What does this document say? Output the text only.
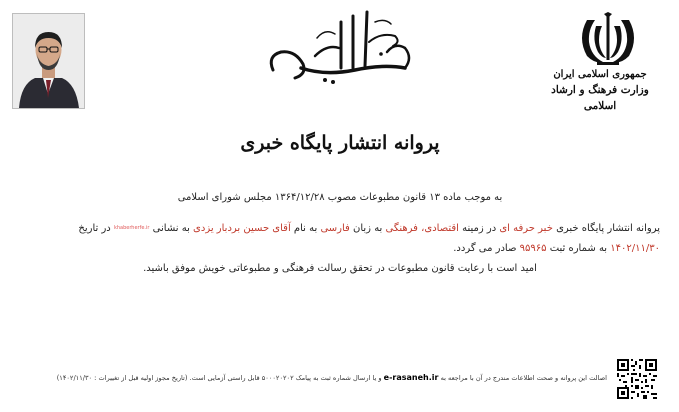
جمهوری اسلامی ایران
وزارت فرهنگ و ارشاد اسلامی
پروانه انتشار پایگاه خبری
به موجب ماده ۱۳ قانون مطبوعات مصوب ۱۳۶۴/۱۲/۲۸ مجلس شورای اسلامی
پروانه انتشار پایگاه خبری خبر حرفه ای در زمینه اقتصادی، فرهنگی به زبان فارسی به نام آقای حسین بردبار یزدی به نشانی khaberherfe.ir در تاریخ
۱۴۰۲/۱۱/۳۰ به شماره ثبت ۹۵۹۶۵ صادر می گردد.
امید است با رعایت قانون مطبوعات در تحقق رسالت فرهنگی و مطبوعاتی خویش موفق باشید.
اصالت این پروانه و صحت اطلاعات مندرج در آن با مراجعه به e-rasaneh.ir و یا ارسال شماره ثبت به پیامک ۵۰۰۰۲۰۲۰۲ قابل راستی آزمایی است. (تاریخ مجوز اولیه قبل از تغییرات : ۱۴۰۲/۱۱/۳۰)
